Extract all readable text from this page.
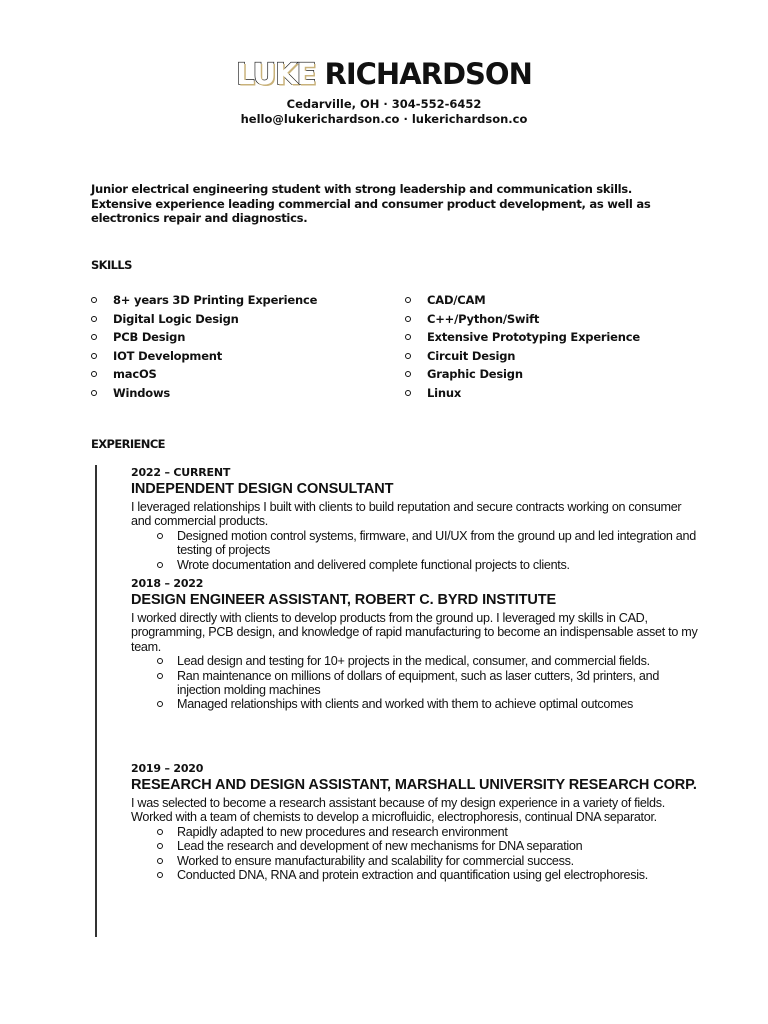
LUKE RICHARDSON
Cedarville, OH · 304-552-6452
hello@lukerichardson.co · lukerichardson.co

Junior electrical engineering student with strong leadership and communication skills. Extensive experience leading commercial and consumer product development, as well as electronics repair and diagnostics.

SKILLS
8+ years 3D Printing Experience
Digital Logic Design
PCB Design
IOT Development
macOS
Windows
CAD/CAM
C++/Python/Swift
Extensive Prototyping Experience
Circuit Design
Graphic Design
Linux
EXPERIENCE
2022 – CURRENT
INDEPENDENT DESIGN CONSULTANT
I leveraged relationships I built with clients to build reputation and secure contracts working on consumer and commercial products.
Designed motion control systems, firmware, and UI/UX from the ground up and led integration and testing of projects
Wrote documentation and delivered complete functional projects to clients.
2018 – 2022
DESIGN ENGINEER ASSISTANT, ROBERT C. BYRD INSTITUTE
I worked directly with clients to develop products from the ground up. I leveraged my skills in CAD, programming, PCB design, and knowledge of rapid manufacturing to become an indispensable asset to my team.
Lead design and testing for 10+ projects in the medical, consumer, and commercial fields.
Ran maintenance on millions of dollars of equipment, such as laser cutters, 3d printers, and injection molding machines
Managed relationships with clients and worked with them to achieve optimal outcomes
2019 – 2020
RESEARCH AND DESIGN ASSISTANT, MARSHALL UNIVERSITY RESEARCH CORP.
I was selected to become a research assistant because of my design experience in a variety of fields. Worked with a team of chemists to develop a microfluidic, electrophoresis, continual DNA separator.
Rapidly adapted to new procedures and research environment
Lead the research and development of new mechanisms for DNA separation
Worked to ensure manufacturability and scalability for commercial success.
Conducted DNA, RNA and protein extraction and quantification using gel electrophoresis.
